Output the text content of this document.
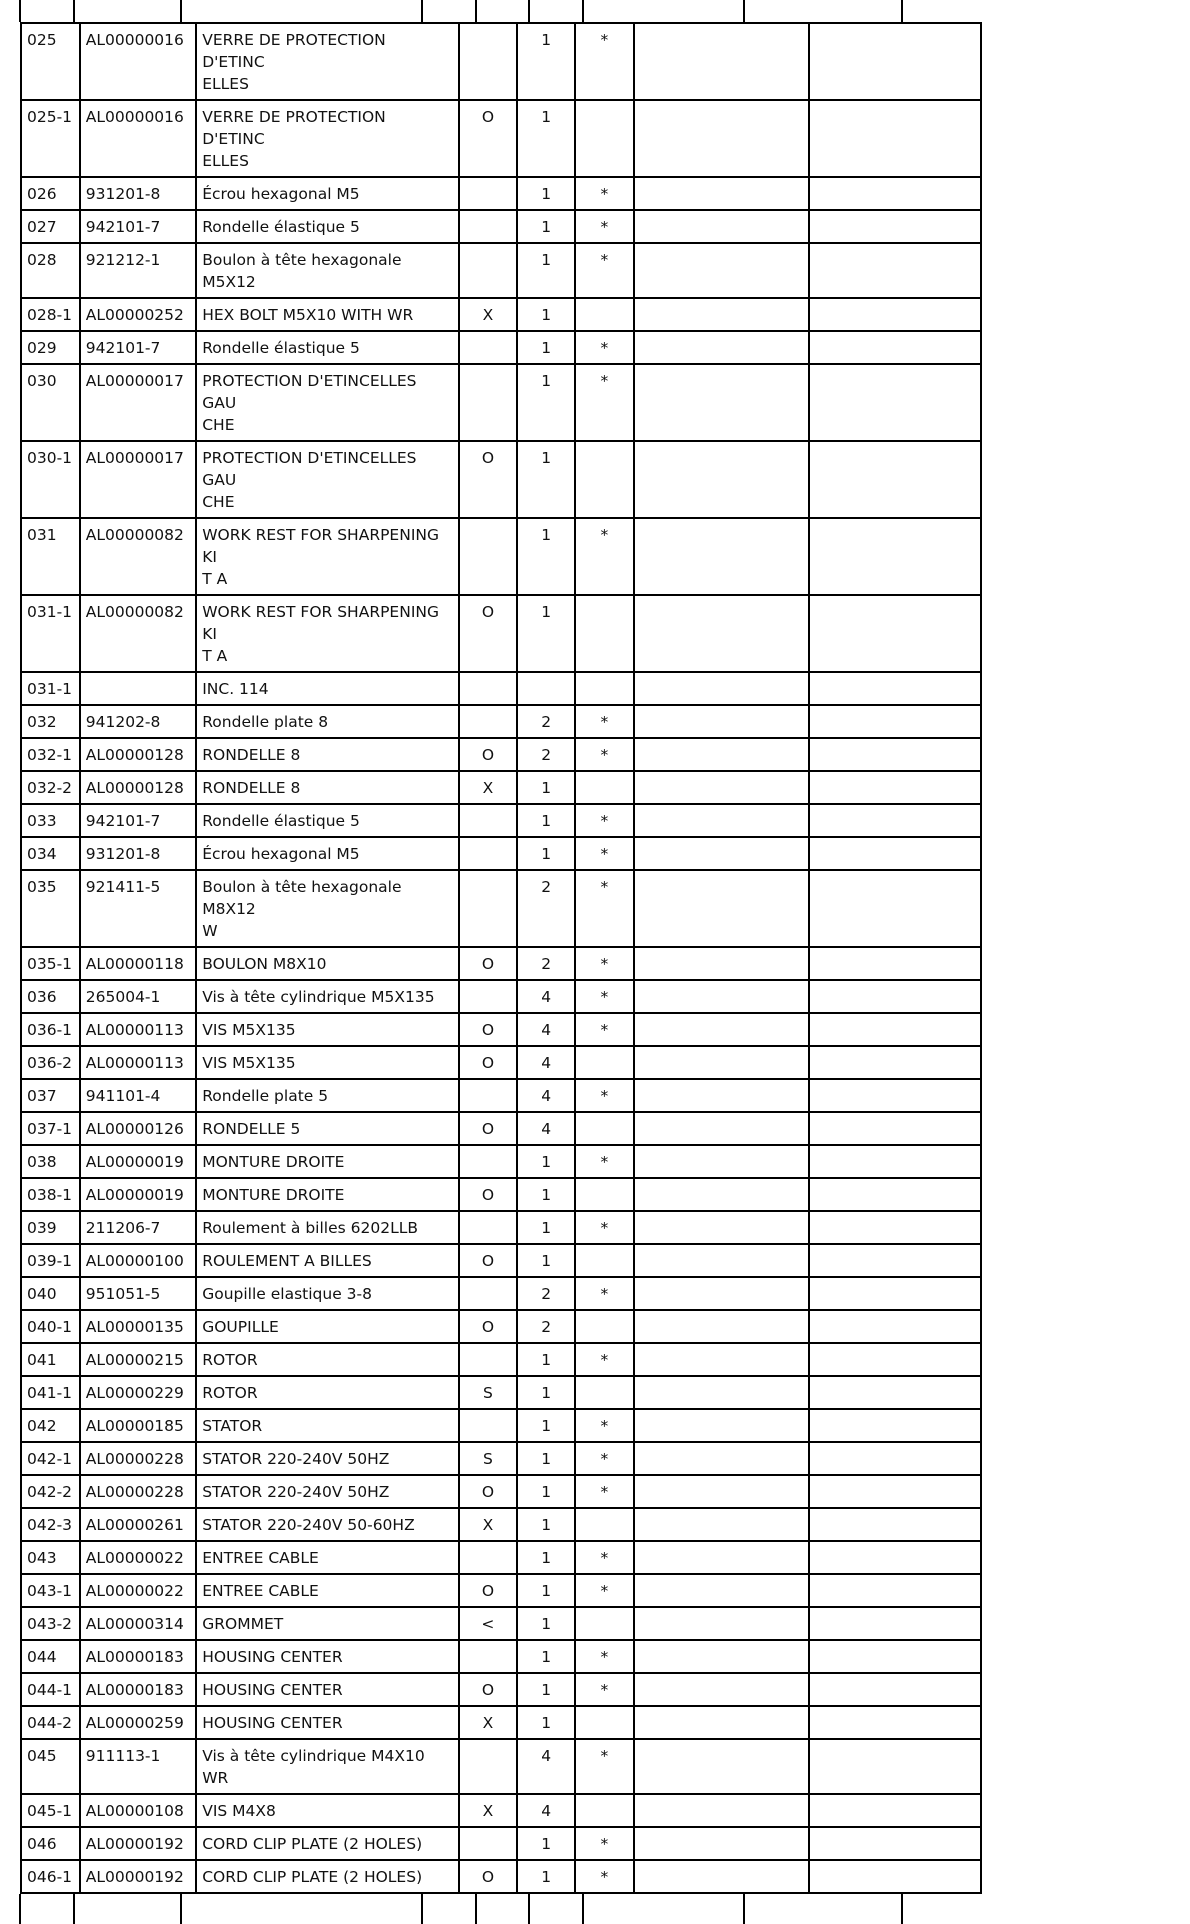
025	AL00000016	VERRE DE PROTECTION D'ETINC
ELLES		1	*		
025-1	AL00000016	VERRE DE PROTECTION D'ETINC
ELLES	O	1			
026	931201-8	Écrou hexagonal M5		1	*		
027	942101-7	Rondelle élastique 5		1	*		
028	921212-1	Boulon à tête hexagonale M5X12		1	*		
028-1	AL00000252	HEX BOLT M5X10 WITH WR	X	1			
029	942101-7	Rondelle élastique 5		1	*		
030	AL00000017	PROTECTION D'ETINCELLES GAU
CHE		1	*		
030-1	AL00000017	PROTECTION D'ETINCELLES GAU
CHE	O	1			
031	AL00000082	WORK REST FOR SHARPENING KI
T A		1	*		
031-1	AL00000082	WORK REST FOR SHARPENING KI
T A	O	1			
031-1		INC. 114					

032	941202-8	Rondelle plate 8		2	*		
032-1	AL00000128	RONDELLE 8	O	2	*		
032-2	AL00000128	RONDELLE 8	X	1			
033	942101-7	Rondelle élastique 5		1	*		
034	931201-8	Écrou hexagonal M5		1	*		
035	921411-5	Boulon à tête hexagonale M8X12
W		2	*		
035-1	AL00000118	BOULON M8X10	O	2	*		
036	265004-1	Vis à tête cylindrique M5X135		4	*		
036-1	AL00000113	VIS M5X135	O	4	*		
036-2	AL00000113	VIS M5X135	O	4			
037	941101-4	Rondelle plate 5		4	*		
037-1	AL00000126	RONDELLE 5	O	4			
038	AL00000019	MONTURE DROITE		1	*		
038-1	AL00000019	MONTURE DROITE	O	1			
039	211206-7	Roulement à billes 6202LLB		1	*		
039-1	AL00000100	ROULEMENT A BILLES	O	1			
040	951051-5	Goupille elastique 3-8		2	*		
040-1	AL00000135	GOUPILLE	O	2			
041	AL00000215	ROTOR		1	*		
041-1	AL00000229	ROTOR	S	1			
042	AL00000185	STATOR		1	*		
042-1	AL00000228	STATOR 220-240V 50HZ	S	1	*		
042-2	AL00000228	STATOR 220-240V 50HZ	O	1	*		
042-3	AL00000261	STATOR 220-240V 50-60HZ	X	1			
043	AL00000022	ENTREE CABLE		1	*		
043-1	AL00000022	ENTREE CABLE	O	1	*		
043-2	AL00000314	GROMMET	<	1			
044	AL00000183	HOUSING CENTER		1	*		
044-1	AL00000183	HOUSING CENTER	O	1	*		
044-2	AL00000259	HOUSING CENTER	X	1			
045	911113-1	Vis à tête cylindrique M4X10 WR		4	*		
045-1	AL00000108	VIS M4X8	X	4			
046	AL00000192	CORD CLIP PLATE (2 HOLES)		1	*		
046-1	AL00000192	CORD CLIP PLATE (2 HOLES)	O	1	*		
